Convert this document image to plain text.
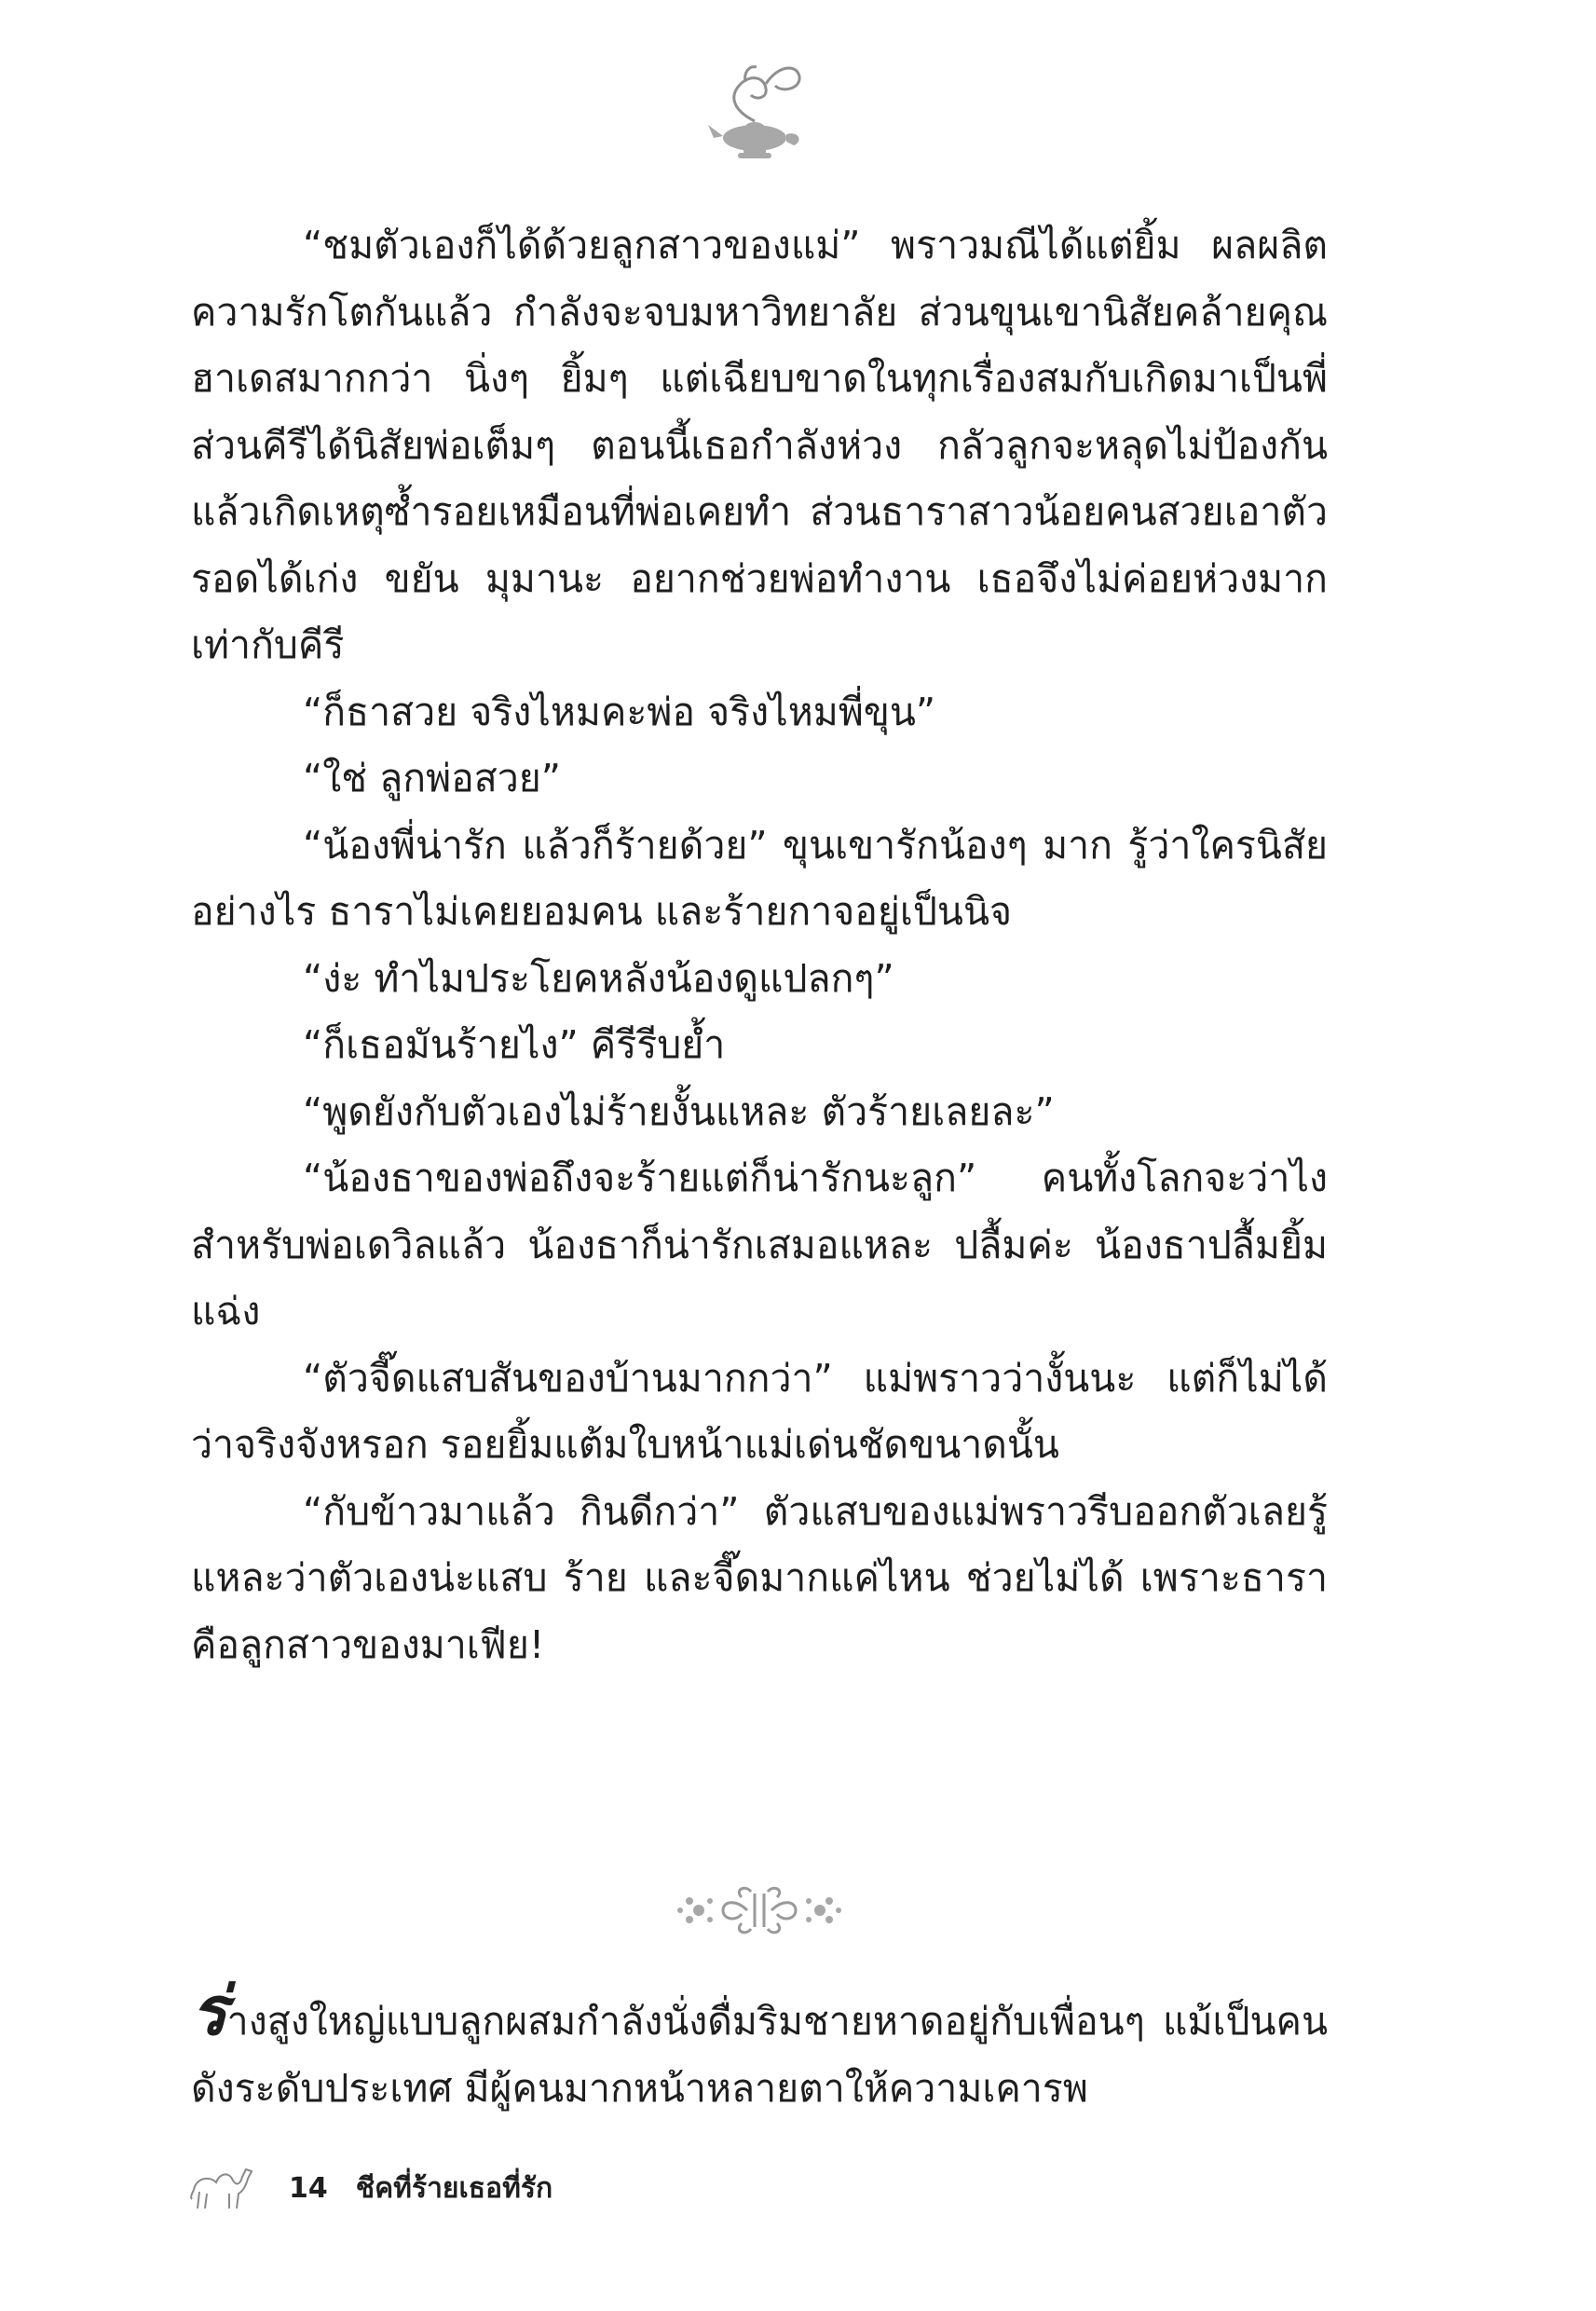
“ชมตัวเองก็ได้ด้วยลูกสาวของแม่” พราวมณีได้แต่ยิ้ม ผลผลิตความรักโตกันแล้ว กำลังจะจบมหาวิทยาลัย ส่วนขุนเขานิสัยคล้ายคุณฮาเดสมากกว่า นิ่งๆ ยิ้มๆ แต่เฉียบขาดในทุกเรื่องสมกับเกิดมาเป็นพี่ ส่วนคีรีได้นิสัยพ่อเต็มๆ ตอนนี้เธอกำลังห่วง กลัวลูกจะหลุดไม่ป้องกันแล้วเกิดเหตุซ้ำรอยเหมือนที่พ่อเคยทำ ส่วนธาราสาวน้อยคนสวยเอาตัวรอดได้เก่ง ขยัน มุมานะ อยากช่วยพ่อทำงาน เธอจึงไม่ค่อยห่วงมากเท่ากับคีรี

“ก็ธาสวย จริงไหมคะพ่อ จริงไหมพี่ขุน”

“ใช่ ลูกพ่อสวย”

“น้องพี่น่ารัก แล้วก็ร้ายด้วย” ขุนเขารักน้องๆ มาก รู้ว่าใครนิสัยอย่างไร ธาราไม่เคยยอมคน และร้ายกาจอยู่เป็นนิจ

“ง่ะ ทำไมประโยคหลังน้องดูแปลกๆ”

“ก็เธอมันร้ายไง” คีรีรีบย้ำ

“พูดยังกับตัวเองไม่ร้ายงั้นแหละ ตัวร้ายเลยละ”

“น้องธาของพ่อถึงจะร้ายแต่ก็น่ารักนะลูก” คนทั้งโลกจะว่าไงสำหรับพ่อเดวิลแล้ว น้องธาก็น่ารักเสมอแหละ ปลื้มค่ะ น้องธาปลื้มยิ้มแฉ่ง

“ตัวจี๊ดแสบสันของบ้านมากกว่า” แม่พราวว่างั้นนะ แต่ก็ไม่ได้ว่าจริงจังหรอก รอยยิ้มแต้มใบหน้าแม่เด่นชัดขนาดนั้น

“กับข้าวมาแล้ว กินดีกว่า” ตัวแสบของแม่พราวรีบออกตัวเลยรู้แหละว่าตัวเองน่ะแสบ ร้าย และจี๊ดมากแค่ไหน ช่วยไม่ได้ เพราะธาราคือลูกสาวของมาเฟีย!

ร่างสูงใหญ่แบบลูกผสมกำลังนั่งดื่มริมชายหาดอยู่กับเพื่อนๆ แม้เป็นคนดังระดับประเทศ มีผู้คนมากหน้าหลายตาให้ความเคารพ

14 ชีคที่ร้ายเธอที่รัก
